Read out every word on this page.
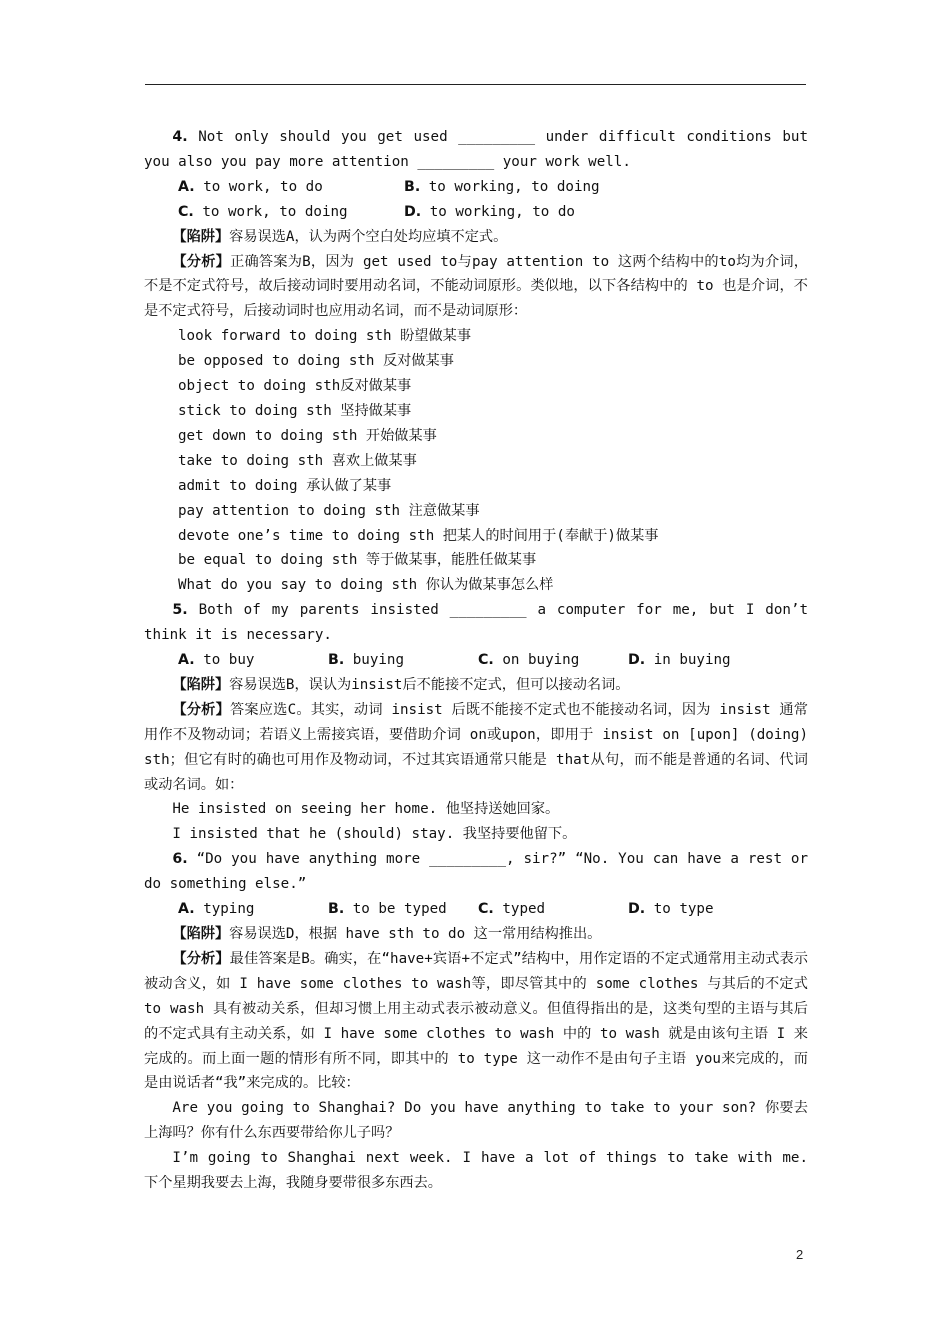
4. Not only should you get used _________ under difficult conditions but you also you pay more attention _________ your work well.

A. to work, to do	B. to working, to doing
C. to work, to doing	D. to working, to do

【陷阱】容易误选A，认为两个空白处均应填不定式。

【分析】正确答案为B，因为 get used to与pay attention to 这两个结构中的to均为介词，不是不定式符号，故后接动词时要用动名词，不能动词原形。类似地，以下各结构中的 to 也是介词，不是不定式符号，后接动词时也应用动名词，而不是动词原形：

look forward to doing sth 盼望做某事

be opposed to doing sth 反对做某事

object to doing sth反对做某事

stick to doing sth 坚持做某事

get down to doing sth 开始做某事

take to doing sth 喜欢上做某事

admit to doing 承认做了某事

pay attention to doing sth 注意做某事

devote one’s time to doing sth 把某人的时间用于(奉献于)做某事

be equal to doing sth 等于做某事，能胜任做某事

What do you say to doing sth 你认为做某事怎么样

5. Both of my parents insisted _________ a computer for me, but I don’t think it is necessary.

A. to buy	B. buying	C. on buying	D. in buying

【陷阱】容易误选B，误认为insist后不能接不定式，但可以接动名词。

【分析】答案应选C。其实，动词 insist 后既不能接不定式也不能接动名词，因为 insist 通常用作不及物动词；若语义上需接宾语，要借助介词 on或upon，即用于 insist on [upon] (doing) sth；但它有时的确也可用作及物动词，不过其宾语通常只能是 that从句，而不能是普通的名词、代词或动名词。如：

He insisted on seeing her home. 他坚持送她回家。

I insisted that he (should) stay. 我坚持要他留下。

6. “Do you have anything more _________, sir?” “No. You can have a rest or do something else.”

A. typing	B. to be typed	C. typed	D. to type

【陷阱】容易误选D，根据 have sth to do 这一常用结构推出。

【分析】最佳答案是B。确实，在“have+宾语+不定式”结构中，用作定语的不定式通常用主动式表示被动含义，如 I have some clothes to wash等，即尽管其中的 some clothes 与其后的不定式 to wash 具有被动关系，但却习惯上用主动式表示被动意义。但值得指出的是，这类句型的主语与其后的不定式具有主动关系，如 I have some clothes to wash 中的 to wash 就是由该句主语 I 来完成的。而上面一题的情形有所不同，即其中的 to type 这一动作不是由句子主语 you来完成的，而是由说话者“我”来完成的。比较：

Are you going to Shanghai? Do you have anything to take to your son? 你要去上海吗？你有什么东西要带给你儿子吗？

I’m going to Shanghai next week. I have a lot of things to take with me. 下个星期我要去上海，我随身要带很多东西去。

2
